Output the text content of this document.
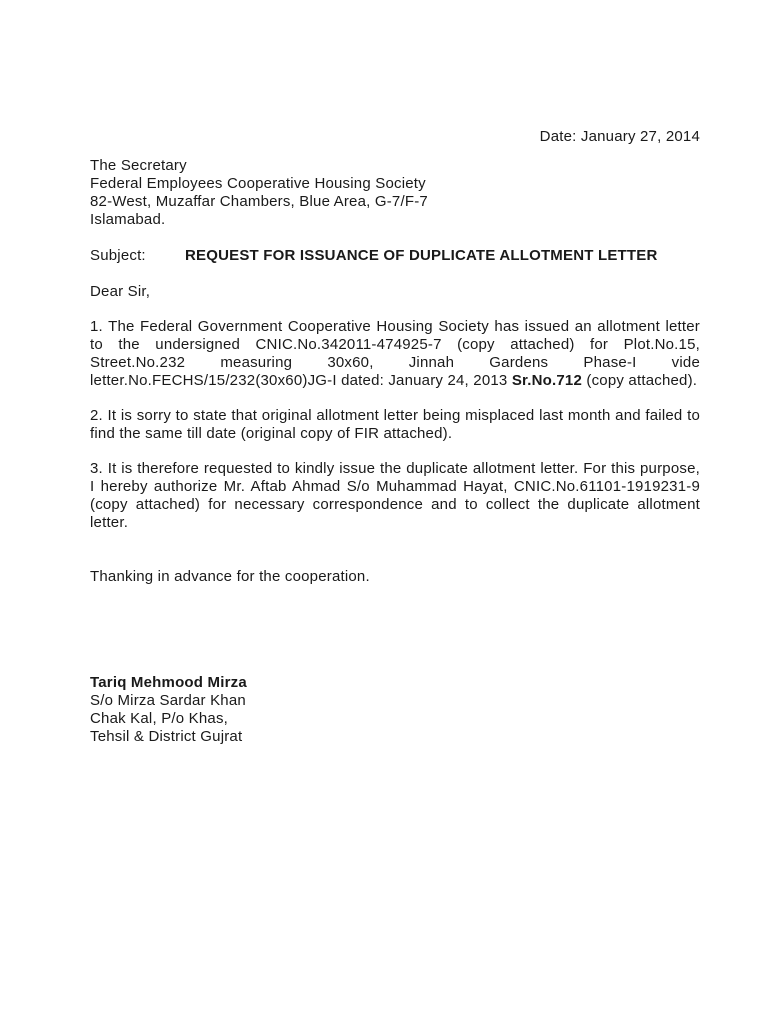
Date: January 27, 2014
The Secretary
Federal Employees Cooperative Housing Society
82-West, Muzaffar Chambers, Blue Area, G-7/F-7
Islamabad.
Subject:	REQUEST FOR ISSUANCE OF DUPLICATE ALLOTMENT LETTER
Dear Sir,

1. The Federal Government Cooperative Housing Society has issued an allotment letter to the undersigned CNIC.No.342011-474925-7 (copy attached) for Plot.No.15, Street.No.232 measuring 30x60, Jinnah Gardens Phase-I vide letter.No.FECHS/15/232(30x60)JG-I dated: January 24, 2013 Sr.No.712 (copy attached).

2. It is sorry to state that original allotment letter being misplaced last month and failed to find the same till date (original copy of FIR attached).

3. It is therefore requested to kindly issue the duplicate allotment letter. For this purpose, I hereby authorize Mr. Aftab Ahmad S/o Muhammad Hayat, CNIC.No.61101-1919231-9 (copy attached) for necessary correspondence and to collect the duplicate allotment letter.

Thanking in advance for the cooperation.
Tariq Mehmood Mirza
S/o Mirza Sardar Khan
Chak Kal, P/o Khas,
Tehsil & District Gujrat
